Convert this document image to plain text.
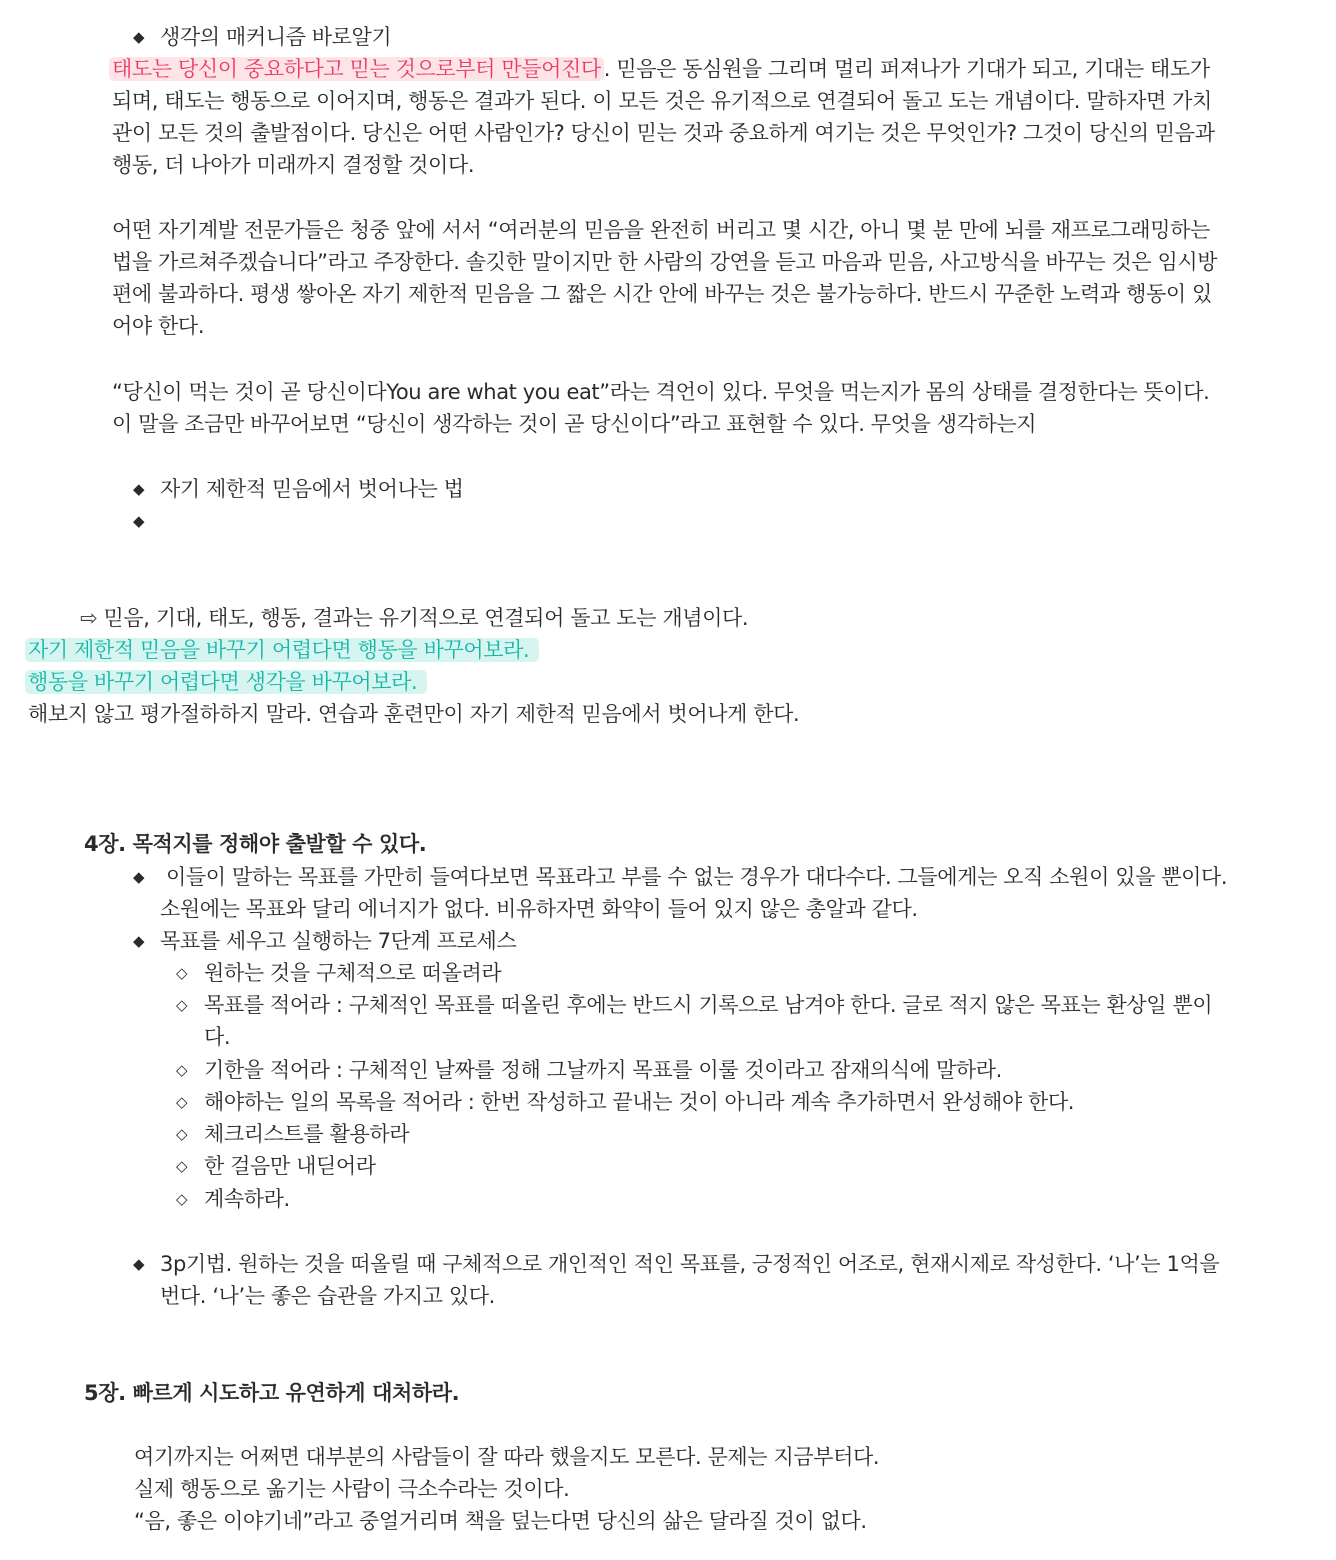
◆ 생각의 매커니즘 바로알기
태도는 당신이 중요하다고 믿는 것으로부터 만들어진다 . 믿음은 동심원을 그리며 멀리 퍼져나가 기대가 되고, 기대는 태도가
되며, 태도는 행동으로 이어지며, 행동은 결과가 된다. 이 모든 것은 유기적으로 연결되어 돌고 도는 개념이다. 말하자면 가치
관이 모든 것의 출발점이다. 당신은 어떤 사람인가? 당신이 믿는 것과 중요하게 여기는 것은 무엇인가? 그것이 당신의 믿음과
행동, 더 나아가 미래까지 결정할 것이다.
어떤 자기계발 전문가들은 청중 앞에 서서 “여러분의 믿음을 완전히 버리고 몇 시간, 아니 몇 분 만에 뇌를 재프로그래밍하는
법을 가르쳐주겠습니다”라고 주장한다. 솔깃한 말이지만 한 사람의 강연을 듣고 마음과 믿음, 사고방식을 바꾸는 것은 임시방
편에 불과하다. 평생 쌓아온 자기 제한적 믿음을 그 짧은 시간 안에 바꾸는 것은 불가능하다. 반드시 꾸준한 노력과 행동이 있
어야 한다.
“당신이 먹는 것이 곧 당신이다You are what you eat”라는 격언이 있다. 무엇을 먹는지가 몸의 상태를 결정한다는 뜻이다.
이 말을 조금만 바꾸어보면 “당신이 생각하는 것이 곧 당신이다”라고 표현할 수 있다. 무엇을 생각하는지
◆ 자기 제한적 믿음에서 벗어나는 법
◆
⇨ 믿음, 기대, 태도, 행동, 결과는 유기적으로 연결되어 돌고 도는 개념이다.
자기 제한적 믿음을 바꾸기 어렵다면 행동을 바꾸어보라.
행동을 바꾸기 어렵다면 생각을 바꾸어보라.
해보지 않고 평가절하하지 말라. 연습과 훈련만이 자기 제한적 믿음에서 벗어나게 한다.
4장. 목적지를 정해야 출발할 수 있다.
◆ 이들이 말하는 목표를 가만히 들여다보면 목표라고 부를 수 없는 경우가 대다수다. 그들에게는 오직 소원이 있을 뿐이다.
소원에는 목표와 달리 에너지가 없다. 비유하자면 화약이 들어 있지 않은 총알과 같다.
◆ 목표를 세우고 실행하는 7단계 프로세스
◇ 원하는 것을 구체적으로 떠올려라
◇ 목표를 적어라 : 구체적인 목표를 떠올린 후에는 반드시 기록으로 남겨야 한다. 글로 적지 않은 목표는 환상일 뿐이
다.
◇ 기한을 적어라 : 구체적인 날짜를 정해 그날까지 목표를 이룰 것이라고 잠재의식에 말하라.
◇ 해야하는 일의 목록을 적어라 : 한번 작성하고 끝내는 것이 아니라 계속 추가하면서 완성해야 한다.
◇ 체크리스트를 활용하라
◇ 한 걸음만 내딛어라
◇ 계속하라.
◆ 3p기법. 원하는 것을 떠올릴 때 구체적으로 개인적인 적인 목표를, 긍정적인 어조로, 현재시제로 작성한다. ‘나’는 1억을
번다. ‘나’는 좋은 습관을 가지고 있다.
5장. 빠르게 시도하고 유연하게 대처하라.
여기까지는 어쩌면 대부분의 사람들이 잘 따라 했을지도 모른다. 문제는 지금부터다.
실제 행동으로 옮기는 사람이 극소수라는 것이다.
“음, 좋은 이야기네”라고 중얼거리며 책을 덮는다면 당신의 삶은 달라질 것이 없다.
